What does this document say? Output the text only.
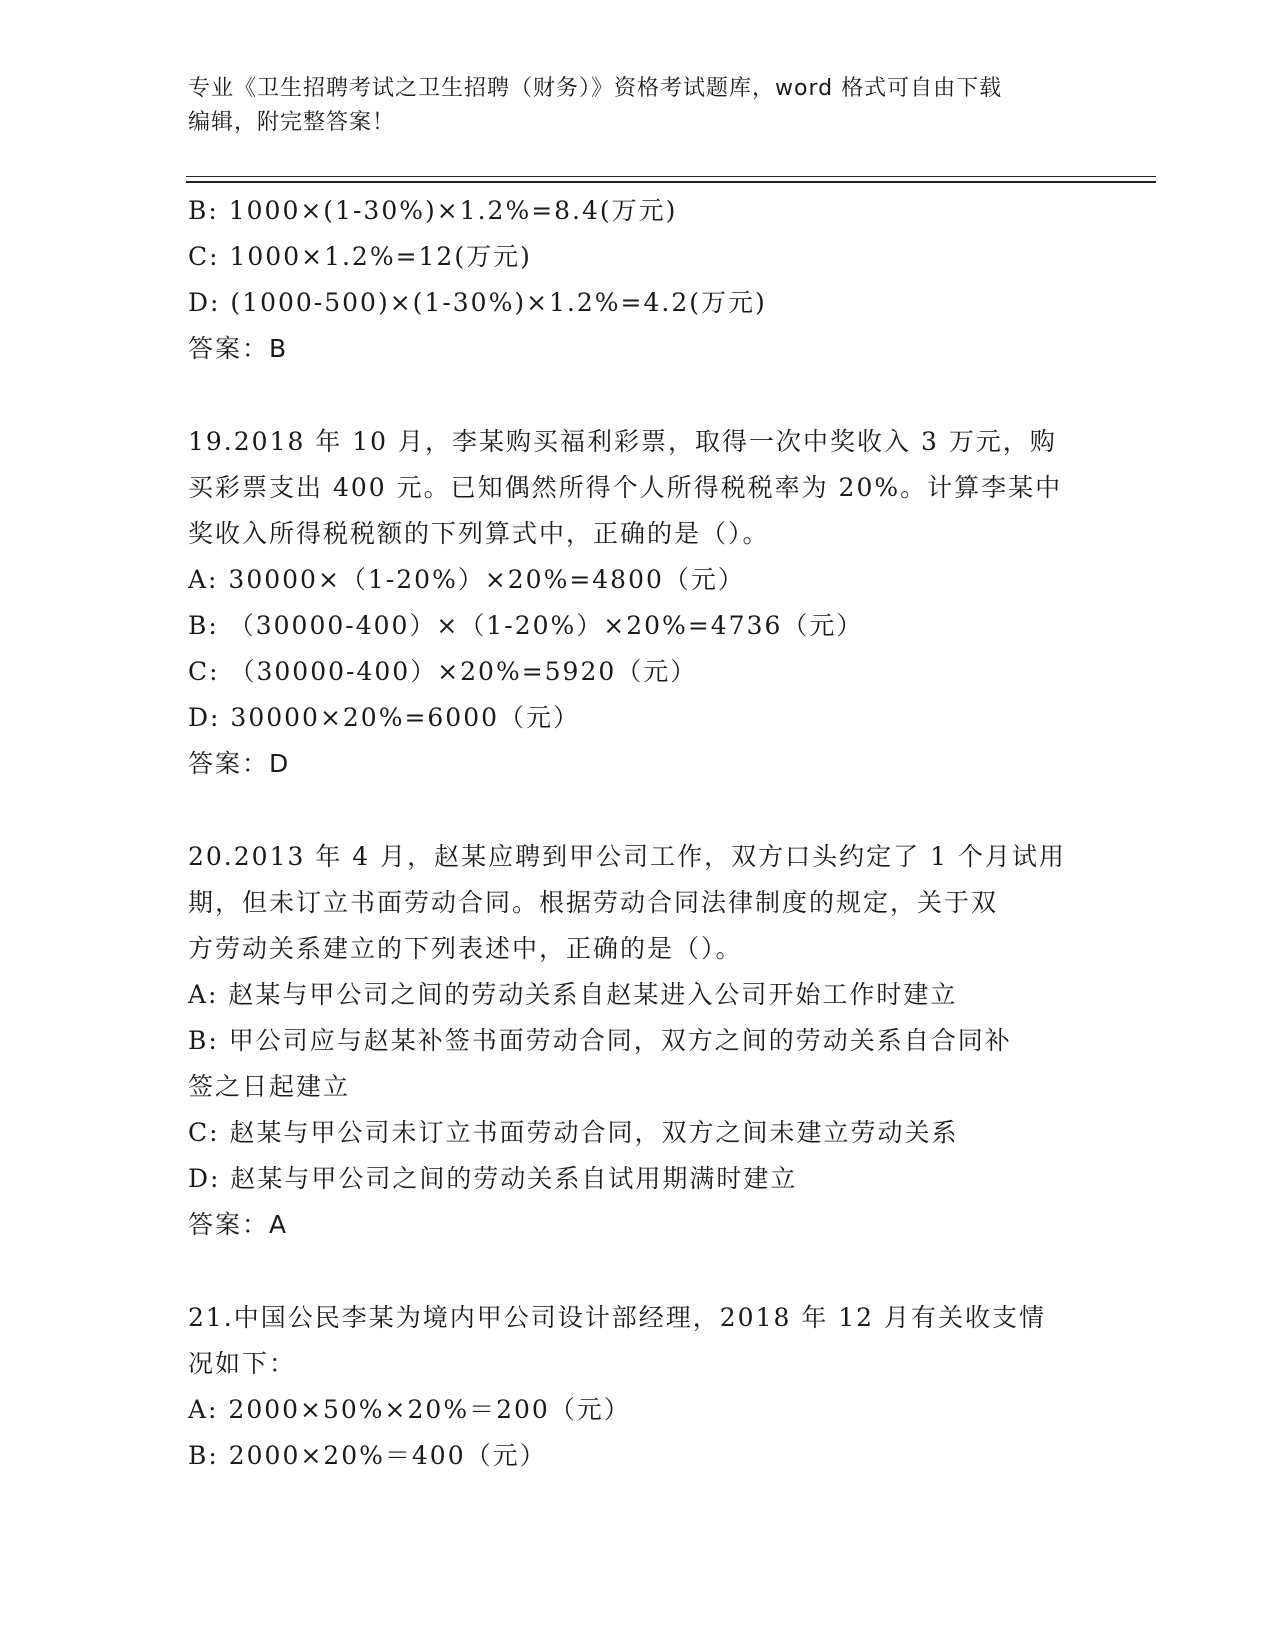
专业《卫生招聘考试之卫生招聘（财务）》资格考试题库，word 格式可自由下载
编辑，附完整答案！
B: 1000×(1-30%)×1.2%=8.4(万元)
C: 1000×1.2%=12(万元)
D: (1000-500)×(1-30%)×1.2%=4.2(万元)
答案：B
19.2018 年 10 月，李某购买福利彩票，取得一次中奖收入 3 万元，购
买彩票支出 400 元。已知偶然所得个人所得税税率为 20%。计算李某中
奖收入所得税税额的下列算式中，正确的是（）。
A: 30000×（1-20%）×20%=4800（元）
B: （30000-400）×（1-20%）×20%=4736（元）
C: （30000-400）×20%=5920（元）
D: 30000×20%=6000（元）
答案：D
20.2013 年 4 月，赵某应聘到甲公司工作，双方口头约定了 1 个月试用
期，但未订立书面劳动合同。根据劳动合同法律制度的规定，关于双
方劳动关系建立的下列表述中，正确的是（）。
A: 赵某与甲公司之间的劳动关系自赵某进入公司开始工作时建立
B: 甲公司应与赵某补签书面劳动合同，双方之间的劳动关系自合同补
签之日起建立
C: 赵某与甲公司未订立书面劳动合同，双方之间未建立劳动关系
D: 赵某与甲公司之间的劳动关系自试用期满时建立
答案：A
21.中国公民李某为境内甲公司设计部经理，2018 年 12 月有关收支情
况如下：
A: 2000×50%×20%＝200（元）
B: 2000×20%＝400（元）
